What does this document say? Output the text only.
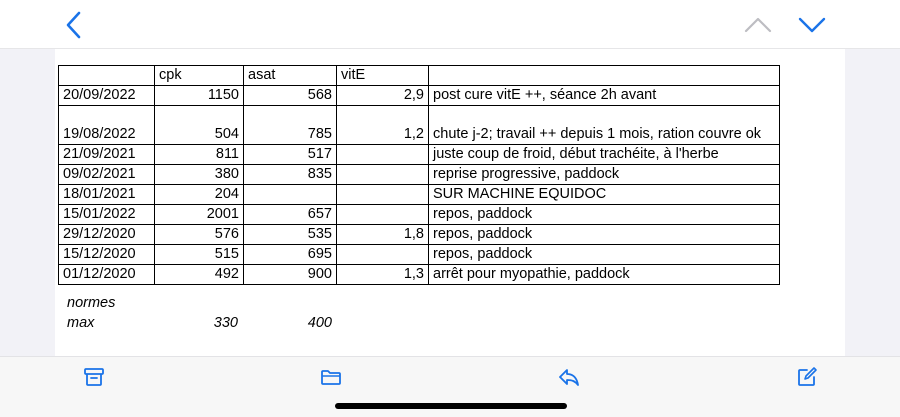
	cpk	asat	vitE	
20/09/2022	1150	568	2,9	post cure vitE ++, séance 2h avant
19/08/2022	504	785	1,2	chute j-2; travail ++ depuis 1 mois, ration couvre ok
21/09/2021	811	517		juste coup de froid, début trachéite, à l'herbe
09/02/2021	380	835		reprise progressive, paddock
18/01/2021	204			SUR MACHINE EQUIDOC
15/01/2022	2001	657		repos, paddock
29/12/2020	576	535	1,8	repos, paddock
15/12/2020	515	695		repos, paddock
01/12/2020	492	900	1,3	arrêt pour myopathie, paddock
normes
max	330	400
